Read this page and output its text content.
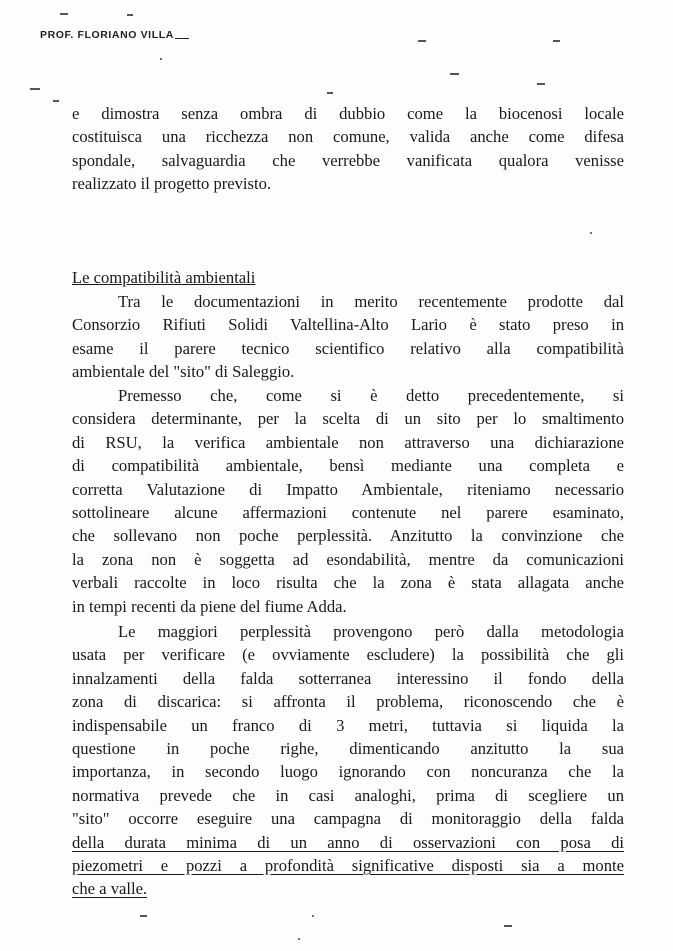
PROF. FLORIANO VILLA
e dimostra senza ombra di dubbio come la biocenosi locale
costituisca una ricchezza non comune, valida anche come difesa
spondale, salvaguardia che verrebbe vanificata qualora venisse
realizzato il progetto previsto.
Le compatibilità ambientali
Tra le documentazioni in merito recentemente prodotte dal
Consorzio Rifiuti Solidi Valtellina-Alto Lario è stato preso in
esame il parere tecnico scientifico relativo alla compatibilità
ambientale del "sito" di Saleggio.
Premesso che, come si è detto precedentemente, si
considera determinante, per la scelta di un sito per lo smaltimento
di RSU, la verifica ambientale non attraverso una dichiarazione
di compatibilità ambientale, bensì mediante una completa e
corretta Valutazione di Impatto Ambientale, riteniamo necessario
sottolineare alcune affermazioni contenute nel parere esaminato,
che sollevano non poche perplessità. Anzitutto la convinzione che
la zona non è soggetta ad esondabilità, mentre da comunicazioni
verbali raccolte in loco risulta che la zona è stata allagata anche
in tempi recenti da piene del fiume Adda.
Le maggiori perplessità provengono però dalla metodologia
usata per verificare (e ovviamente escludere) la possibilità che gli
innalzamenti della falda sotterranea interessino il fondo della
zona di discarica: si affronta il problema, riconoscendo che è
indispensabile un franco di 3 metri, tuttavia si liquida la
questione in poche righe, dimenticando anzitutto la sua
importanza, in secondo luogo ignorando con noncuranza che la
normativa prevede che in casi analoghi, prima di scegliere un
"sito" occorre eseguire una campagna di monitoraggio della falda
della durata minima di un anno di osservazioni con posa di
piezometri e pozzi a profondità significative disposti sia a monte
che a valle.
